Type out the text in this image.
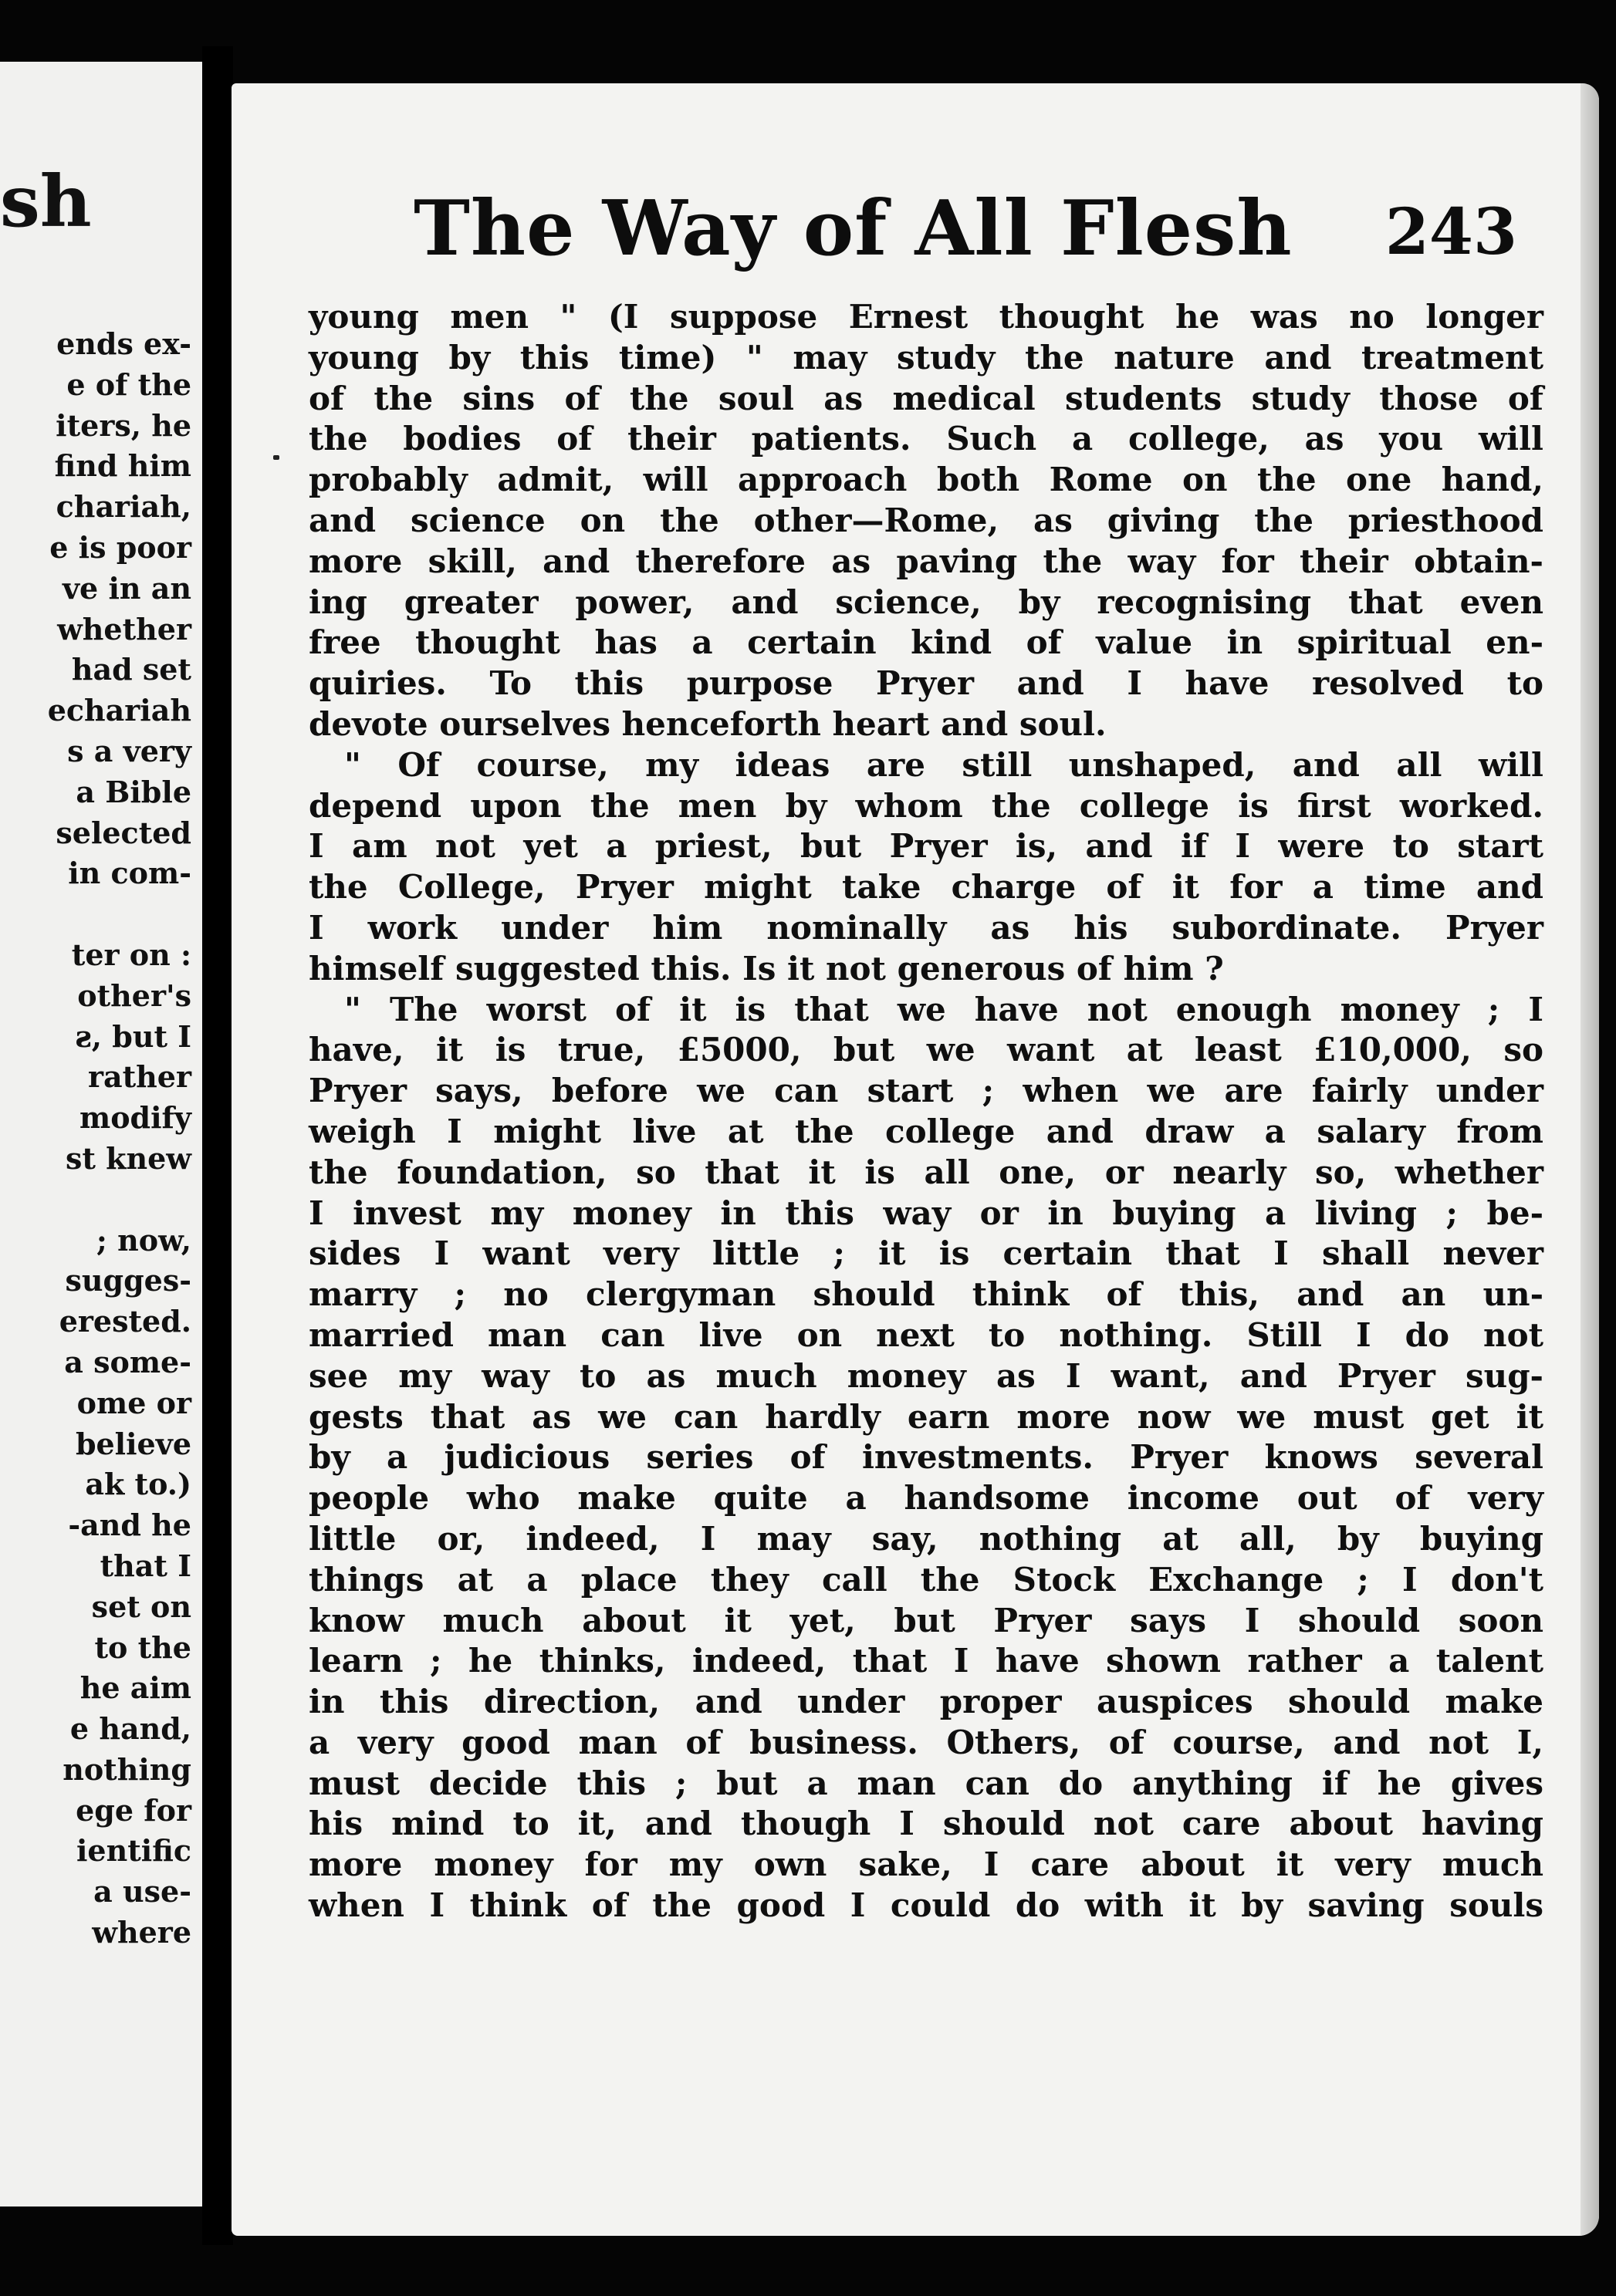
sh
ends ex-
e of the
iters, he
find him
chariah,
e is poor
ve in an
whether
had set
echariah
s a very
a Bible
selected
in com-

ter on :
other's
ƨ, but I
rather
modify
st knew

; now,
sugges-
erested.
a some-
ome or
believe
ak to.)
-and he
that I
set on
to the
he aim
e hand,
nothing
ege for
ientific
a use-
where
The Way of All Flesh 243
young men " (I suppose Ernest thought he was no longer
young by this time) " may study the nature and treatment
of the sins of the soul as medical students study those of
the bodies of their patients. Such a college, as you will
probably admit, will approach both Rome on the one hand,
and science on the other—Rome, as giving the priesthood
more skill, and therefore as paving the way for their obtain-
ing greater power, and science, by recognising that even
free thought has a certain kind of value in spiritual en-
quiries. To this purpose Pryer and I have resolved to
devote ourselves henceforth heart and soul.
" Of course, my ideas are still unshaped, and all will
depend upon the men by whom the college is first worked.
I am not yet a priest, but Pryer is, and if I were to start
the College, Pryer might take charge of it for a time and
I work under him nominally as his subordinate. Pryer
himself suggested this. Is it not generous of him ?
" The worst of it is that we have not enough money ; I
have, it is true, £5000, but we want at least £10,000, so
Pryer says, before we can start ; when we are fairly under
weigh I might live at the college and draw a salary from
the foundation, so that it is all one, or nearly so, whether
I invest my money in this way or in buying a living ; be-
sides I want very little ; it is certain that I shall never
marry ; no clergyman should think of this, and an un-
married man can live on next to nothing. Still I do not
see my way to as much money as I want, and Pryer sug-
gests that as we can hardly earn more now we must get it
by a judicious series of investments. Pryer knows several
people who make quite a handsome income out of very
little or, indeed, I may say, nothing at all, by buying
things at a place they call the Stock Exchange ; I don't
know much about it yet, but Pryer says I should soon
learn ; he thinks, indeed, that I have shown rather a talent
in this direction, and under proper auspices should make
a very good man of business. Others, of course, and not I,
must decide this ; but a man can do anything if he gives
his mind to it, and though I should not care about having
more money for my own sake, I care about it very much
when I think of the good I could do with it by saving souls
